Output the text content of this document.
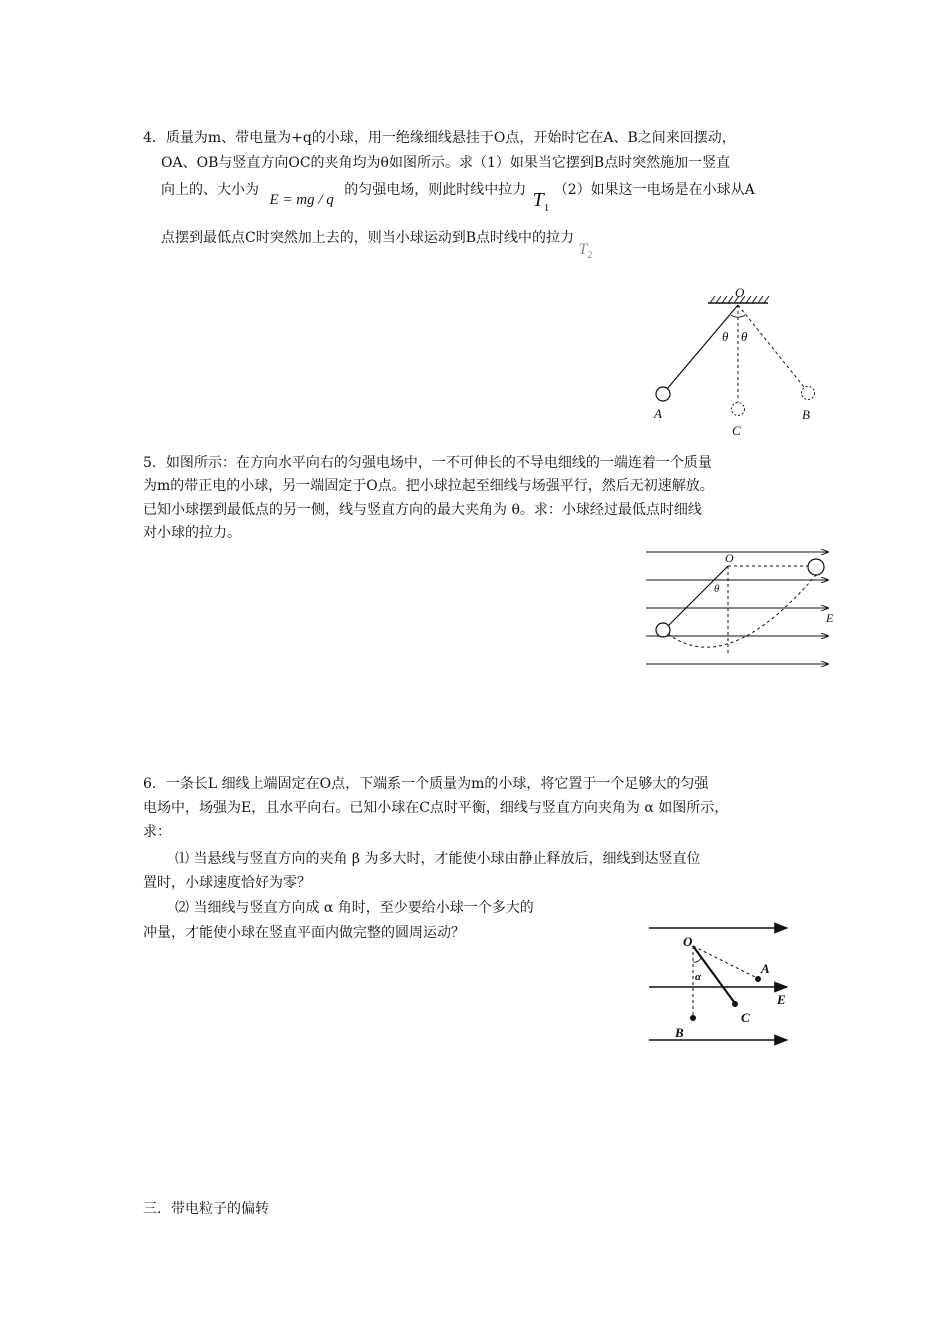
4．质量为m、带电量为+q的小球，用一绝缘细线悬挂于O点，开始时它在A、B之间来回摆动，
OA、OB与竖直方向OC的夹角均为θ如图所示。求（1）如果当它摆到B点时突然施加一竖直
向上的、大小为 E = mg / q 的匀强电场，则此时线中拉力 $T_1$ （2）如果这一电场是在小球从A
点摆到最低点C时突然加上去的，则当小球运动到B点时线中的拉力 $T_2$
O
θ θ
A
C
B
5．如图所示：在方向水平向右的匀强电场中，一不可伸长的不导电细线的一端连着一个质量
为m的带正电的小球，另一端固定于O点。把小球拉起至细线与场强平行，然后无初速解放。
已知小球摆到最低点的另一侧，线与竖直方向的最大夹角为 θ。求：小球经过最低点时细线
对小球的拉力。
E
O
θ
6．一条长L 细线上端固定在O点，下端系一个质量为m的小球，将它置于一个足够大的匀强
电场中，场强为E，且水平向右。已知小球在C点时平衡，细线与竖直方向夹角为 α 如图所示，
求：
⑴ 当悬线与竖直方向的夹角 β 为多大时，才能使小球由静止释放后，细线到达竖直位
置时，小球速度恰好为零？
⑵ 当细线与竖直方向成 α 角时，至少要给小球一个多大的
冲量，才能使小球在竖直平面内做完整的圆周运动？
O
B
A
C
α
E
三．带电粒子的偏转
